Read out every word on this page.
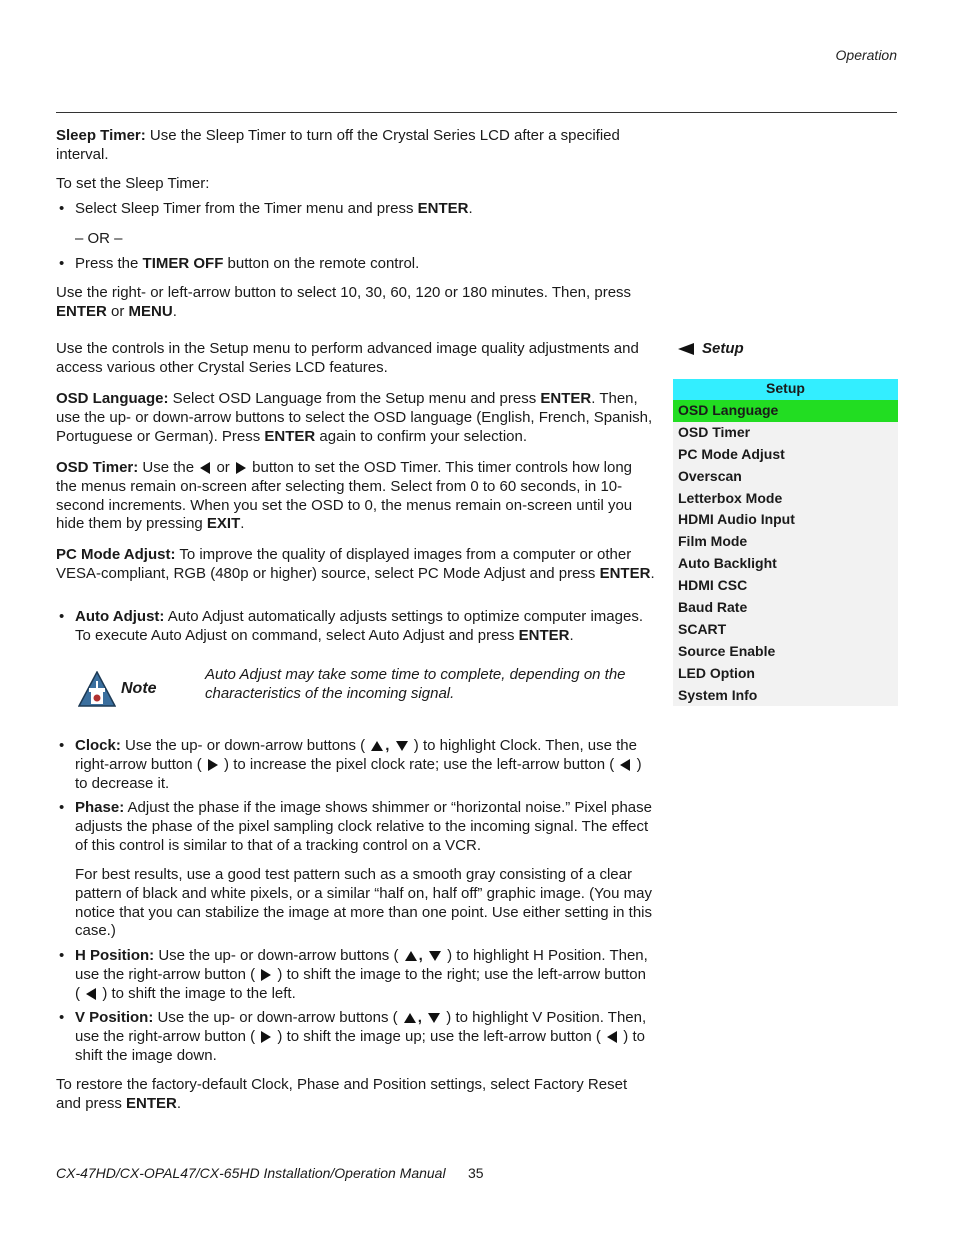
Operation
Sleep Timer: Use the Sleep Timer to turn off the Crystal Series LCD after a specified interval.
To set the Sleep Timer:
• Select Sleep Timer from the Timer menu and press ENTER.
– OR –
• Press the TIMER OFF button on the remote control.
Use the right- or left-arrow button to select 10, 30, 60, 120 or 180 minutes. Then, press ENTER or MENU.
Setup
Use the controls in the Setup menu to perform advanced image quality adjustments and access various other Crystal Series LCD features.
OSD Language: Select OSD Language from the Setup menu and press ENTER. Then, use the up- or down-arrow buttons to select the OSD language (English, French, Spanish, Portuguese or German). Press ENTER again to confirm your selection.
OSD Timer: Use the  or  button to set the OSD Timer. This timer controls how long the menus remain on-screen after selecting them. Select from 0 to 60 seconds, in 10-second increments. When you set the OSD to 0, the menus remain on-screen until you hide them by pressing EXIT.
PC Mode Adjust: To improve the quality of displayed images from a computer or other VESA-compliant, RGB (480p or higher) source, select PC Mode Adjust and press ENTER.
• Auto Adjust: Auto Adjust automatically adjusts settings to optimize computer images. To execute Auto Adjust on command, select Auto Adjust and press ENTER.
Note
Auto Adjust may take some time to complete, depending on the characteristics of the incoming signal.
• Clock: Use the up- or down-arrow buttons ( ,  ) to highlight Clock. Then, use the right-arrow button (  ) to increase the pixel clock rate; use the left-arrow button (  ) to decrease it.
• Phase: Adjust the phase if the image shows shimmer or “horizontal noise.” Pixel phase adjusts the phase of the pixel sampling clock relative to the incoming signal. The effect of this control is similar to that of a tracking control on a VCR.
For best results, use a good test pattern such as a smooth gray consisting of a clear pattern of black and white pixels, or a similar “half on, half off” graphic image. (You may notice that you can stabilize the image at more than one point. Use either setting in this case.)
• H Position: Use the up- or down-arrow buttons ( ,  ) to highlight H Position. Then, use the right-arrow button (  ) to shift the image to the right; use the left-arrow button (  ) to shift the image to the left.
• V Position: Use the up- or down-arrow buttons ( ,  ) to highlight V Position. Then, use the right-arrow button (  ) to shift the image up; use the left-arrow button (  ) to shift the image down.
To restore the factory-default Clock, Phase and Position settings, select Factory Reset and press ENTER.
Setup
OSD Language
OSD Timer
PC Mode Adjust
Overscan
Letterbox Mode
HDMI Audio Input
Film Mode
Auto Backlight
HDMI CSC
Baud Rate
SCART
Source Enable
LED Option
System Info
CX-47HD/CX-OPAL47/CX-65HD Installation/Operation Manual 35
